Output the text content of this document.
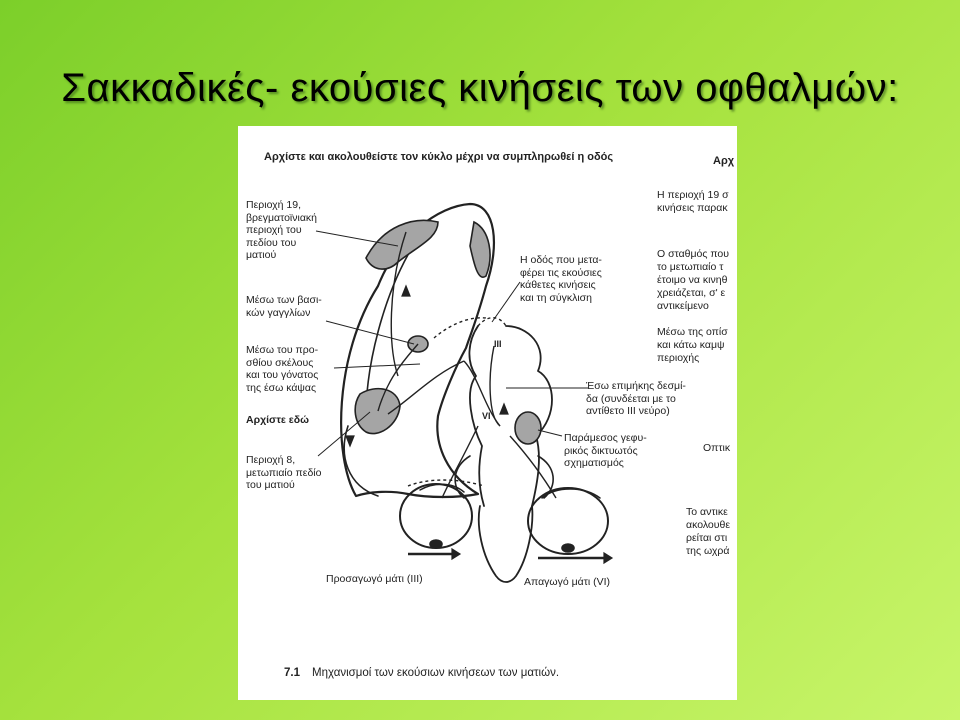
Σακκαδικές- εκούσιες κινήσεις των οφθαλμών:
Αρχίστε και ακολουθείστε τον κύκλο μέχρι να συμπληρωθεί η οδός	Αρχ
Περιοχή 19,
βρεγματοϊνιακή
περιοχή του
πεδίου του
ματιού
Μέσω των βασι-
κών γαγγλίων
Μέσω του προ-
σθίου σκέλους
και του γόνατος
της έσω κάψας
Αρχίστε εδώ
Περιοχή 8,
μετωπιαίο πεδίο
του ματιού
Η οδός που μετα-
φέρει τις εκούσιες
κάθετες κινήσεις
και τη σύγκλιση
Έσω επιμήκης δεσμί-
δα (συνδέεται με το
αντίθετο III νεύρο)
Παράμεσος γεφυ-
ρικός δικτυωτός
σχηματισμός
III
VI
Προσαγωγό μάτι (III)	Απαγωγό μάτι (VI)
Η περιοχή 19 σ
κινήσεις παρακ
Ο σταθμός που
το μετωπιαίο τ
έτοιμο να κινηθ
χρειάζεται, σ' ε
αντικείμενο
Μέσω της οπίσ
και κάτω καμψ
περιοχής
Οπτικ
Το αντικε
ακολουθε
ρείται στι
της ωχρά
7.1 Μηχανισμοί των εκούσιων κινήσεων των ματιών.
